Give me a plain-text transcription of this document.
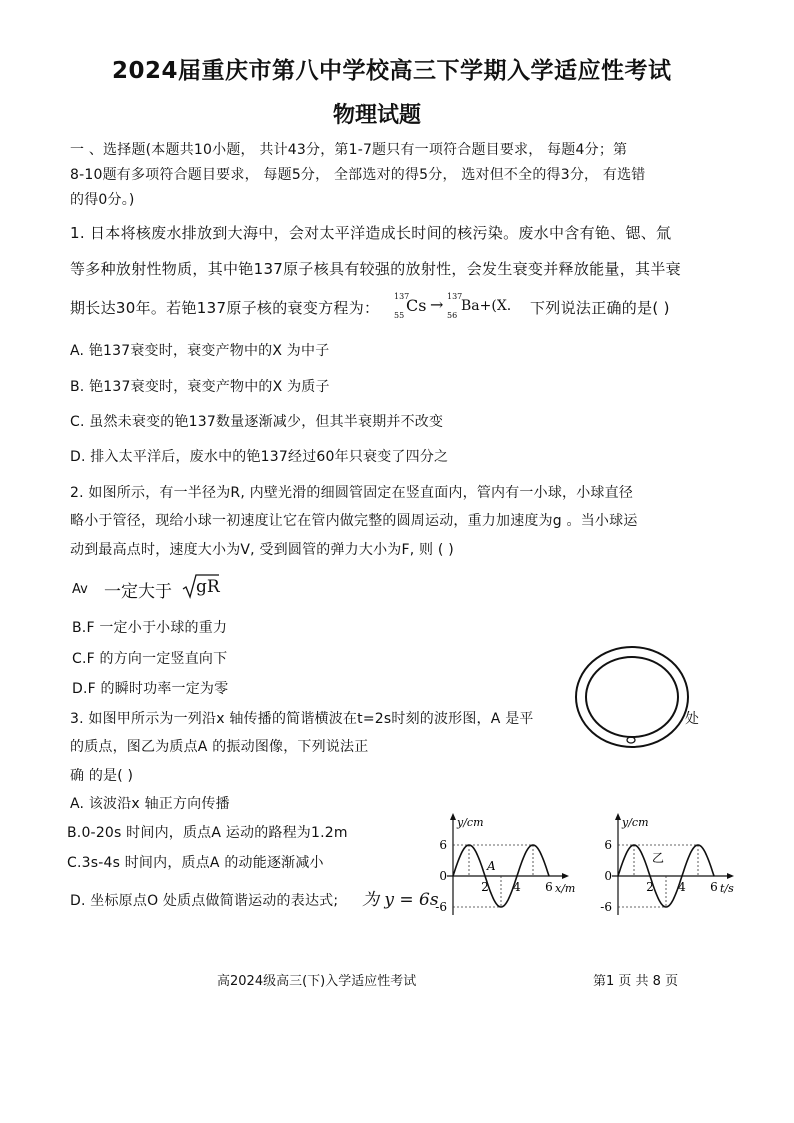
2024届重庆市第八中学校高三下学期入学适应性考试
物理试题
一 、选择题(本题共10小题， 共计43分，第1-7题只有一项符合题目要求， 每题4分；第
8-10题有多项符合题目要求， 每题5分， 全部选对的得5分， 选对但不全的得3分， 有选错
的得0分。)
1. 日本将核废水排放到大海中，会对太平洋造成长时间的核污染。废水中含有铯、锶、氚
等多种放射性物质，其中铯137原子核具有较强的放射性，会发生衰变并释放能量，其半衰
期长达30年。若铯137原子核的衰变方程为：
137
55
Cs → 137
56
Ba+(X. 下列说法正确的是( )
A. 铯137衰变时，衰变产物中的X 为中子
B. 铯137衰变时，衰变产物中的X 为质子
C. 虽然未衰变的铯137数量逐渐减少，但其半衰期并不改变
D. 排入太平洋后，废水中的铯137经过60年只衰变了四分之
2. 如图所示，有一半径为R, 内壁光滑的细圆管固定在竖直面内，管内有一小球，小球直径
略小于管径，现给小球一初速度让它在管内做完整的圆周运动，重力加速度为g 。当小球运
动到最高点时，速度大小为V, 受到圆管的弹力大小为F, 则 ( )
Av 一定大于 gR
B.F 一定小于小球的重力
C.F 的方向一定竖直向下
D.F 的瞬时功率一定为零
3. 如图甲所示为一列沿x 轴传播的简谐横波在t=2s时刻的波形图，A 是平	处
的质点，图乙为质点A 的振动图像，下列说法正
确 的是( )
A. 该波沿x 轴正方向传播
B.0-20s 时间内，质点A 运动的路程为1.2m
C.3s-4s 时间内，质点A 的动能逐渐减小
D. 坐标原点O 处质点做简谐运动的表达式; 为 y = 6s
y/cm
x/m
6
0
-6
2 4 6
A
y/cm
t/s
6
0
-6
2 4 6
乙
高2024级高三(下)入学适应性考试	第1 页 共 8 页
